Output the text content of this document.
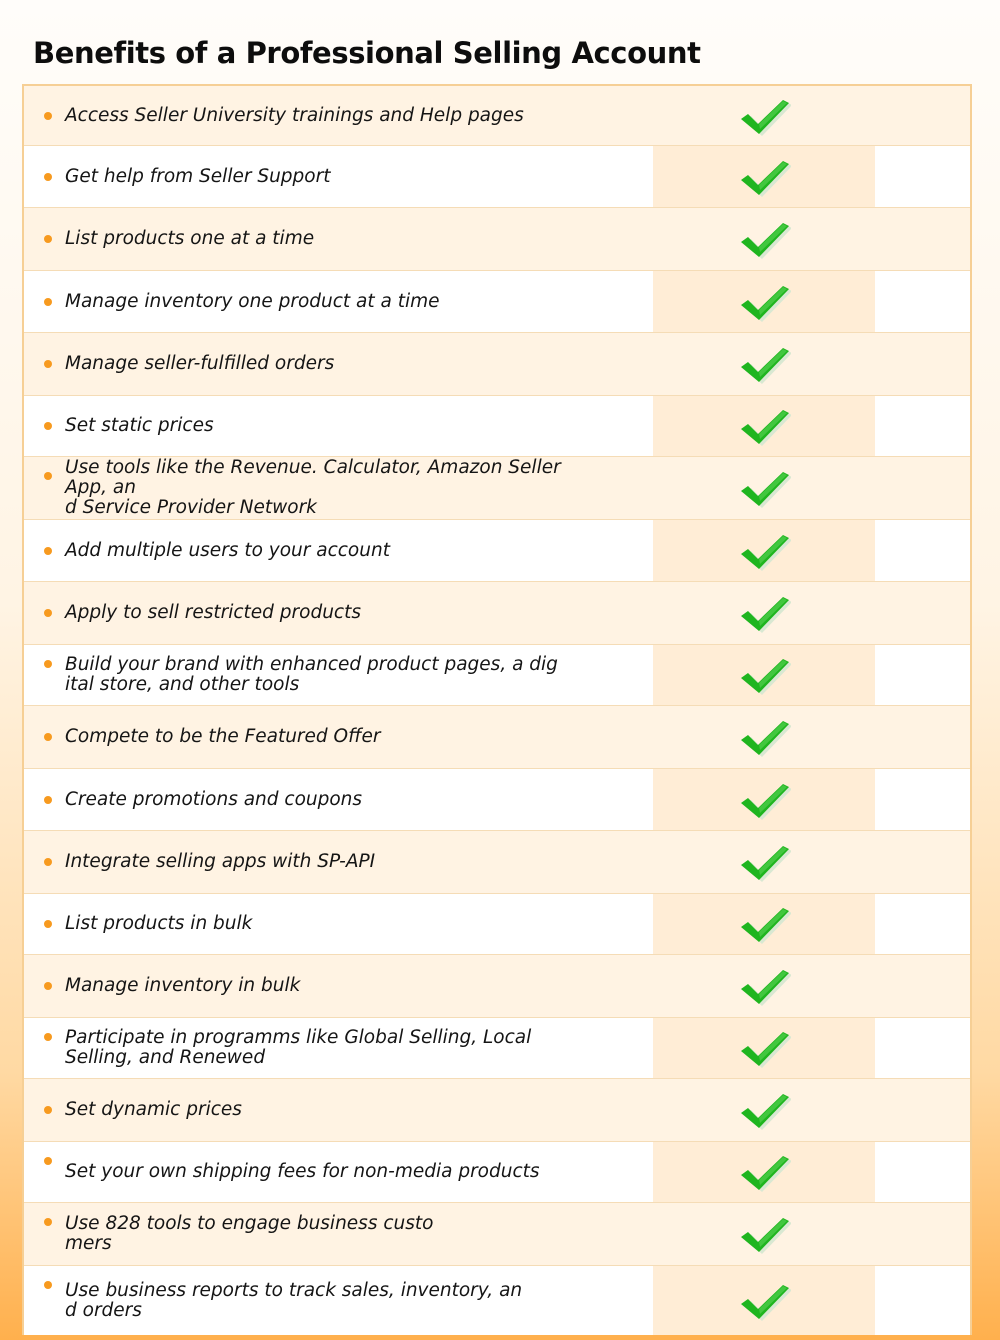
Benefits of a Professional Selling Account
Access Seller University trainings and Help pages
Get help from Seller Support
List products one at a time
Manage inventory one product at a time
Manage seller-fulfilled orders
Set static prices
Use tools like the Revenue. Calculator, Amazon Seller App, an
d Service Provider Network
Add multiple users to your account
Apply to sell restricted products
Build your brand with enhanced product pages, a dig
ital store, and other tools
Compete to be the Featured Offer
Create promotions and coupons
Integrate selling apps with SP-API
List products in bulk
Manage inventory in bulk
Participate in programms like Global Selling, Local
Selling, and Renewed
Set dynamic prices
Set your own shipping fees for non-media products

Use 828 tools to engage business custo
mers
Use business reports to track sales, inventory, an
d orders
